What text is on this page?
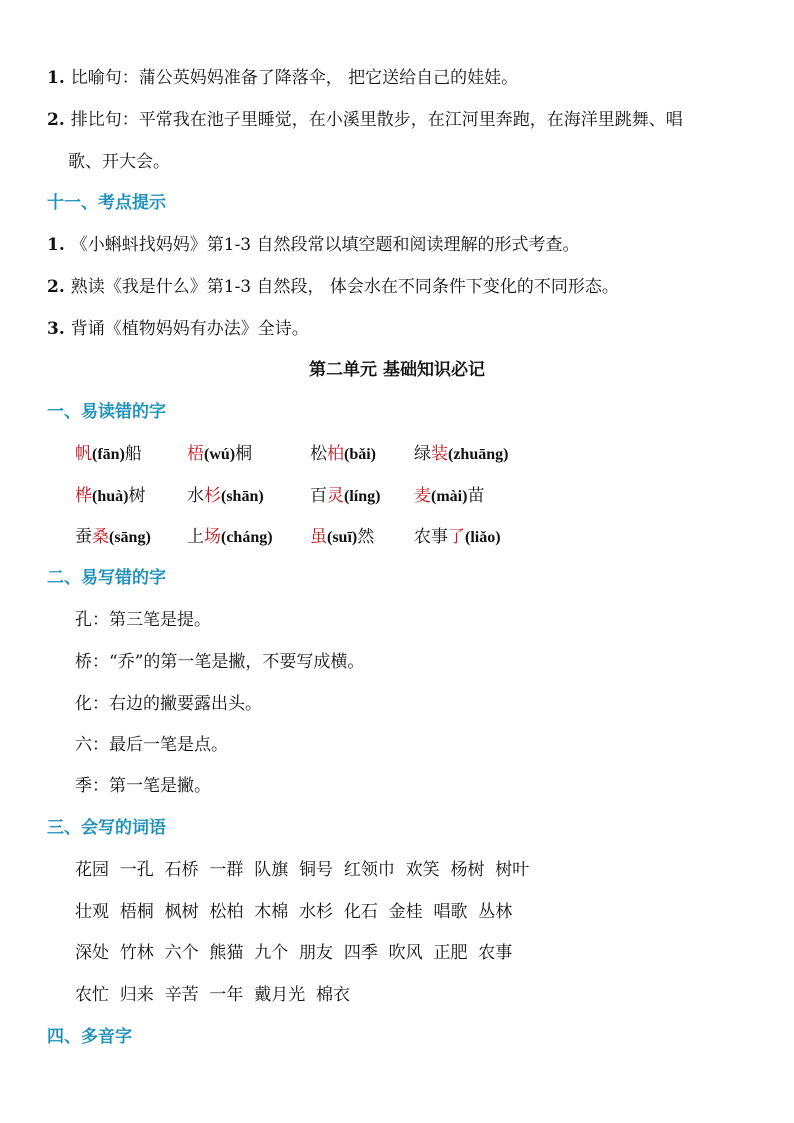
1. 比喻句：蒲公英妈妈准备了降落伞， 把它送给自己的娃娃。
2. 排比句：平常我在池子里睡觉，在小溪里散步，在江河里奔跑，在海洋里跳舞、唱
歌、开大会。
十一、考点提示
1. 《小蝌蚪找妈妈》第1-3 自然段常以填空题和阅读理解的形式考查。
2. 熟读《我是什么》第1-3 自然段， 体会水在不同条件下变化的不同形态。
3. 背诵《植物妈妈有办法》全诗。
第二单元 基础知识必记
一、易读错的字
帆(fān)船	梧(wú)桐	松柏(bǎi) 绿装(zhuāng)
桦(huà)树 水杉(shān)	百灵(líng) 麦(mài)苗
蚕桑(sāng) 上场(cháng) 虽(suī)然 农事了(liǎo)
二、易写错的字
孔：第三笔是提。
桥：“乔”的第一笔是撇，不要写成横。
化：右边的撇要露出头。
六：最后一笔是点。
季：第一笔是撇。
三、会写的词语
花园  一孔  石桥  一群  队旗  铜号  红领巾  欢笑  杨树  树叶
壮观  梧桐  枫树  松柏  木棉  水杉  化石  金桂  唱歌  丛林
深处  竹林  六个  熊猫  九个  朋友  四季  吹风  正肥  农事
农忙  归来  辛苦  一年  戴月光  棉衣
四、多音字
